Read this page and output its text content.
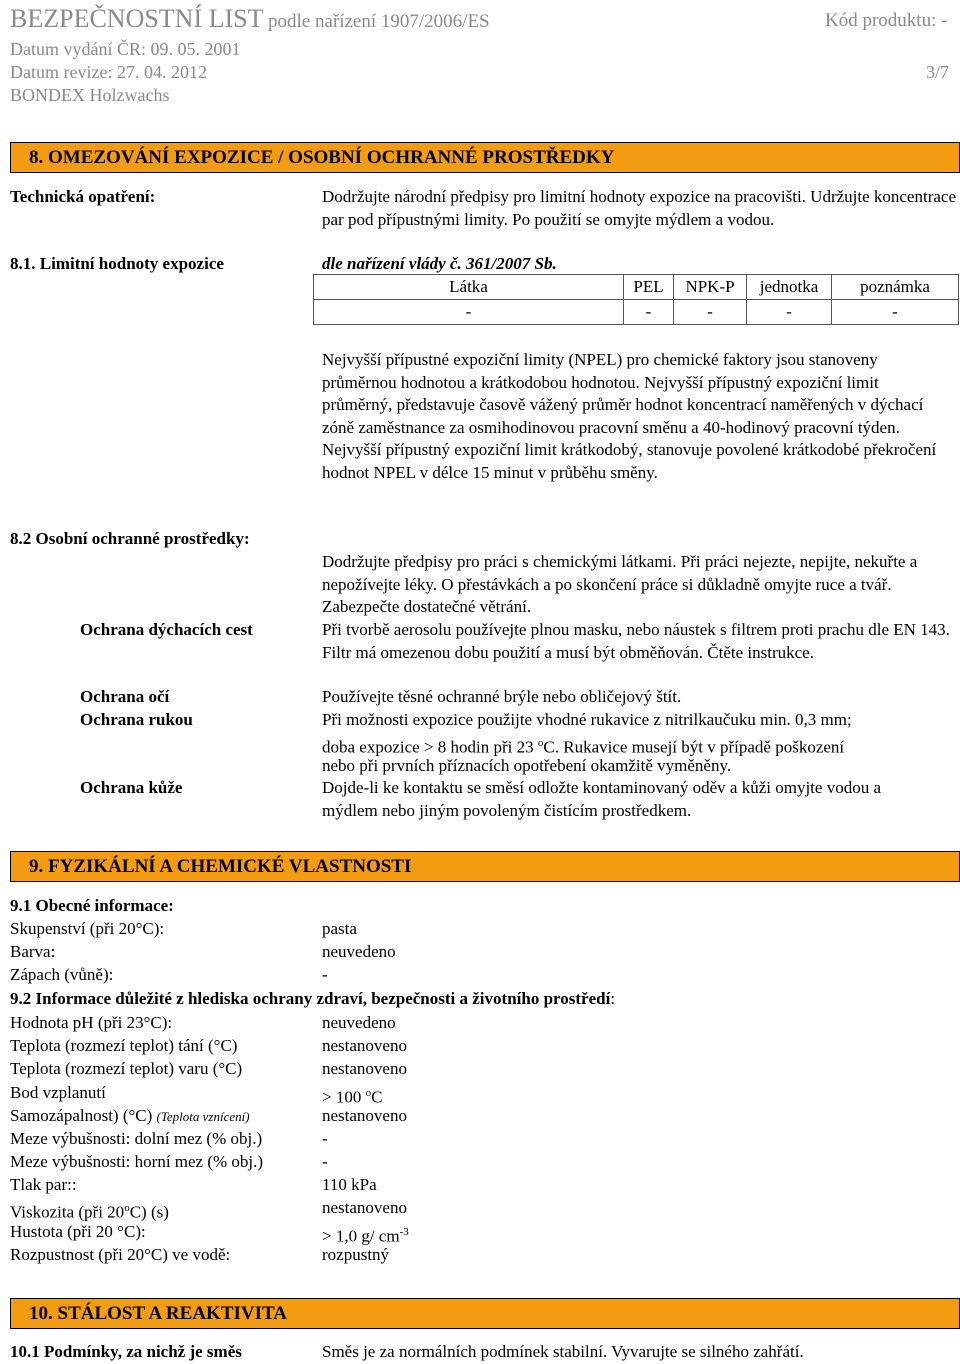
BEZPEČNOSTNÍ LIST podle nařízení 1907/2006/ES	Kód produktu: -
Datum vydání ČR: 09. 05. 2001
Datum revize: 27. 04. 2012	3/7
BONDEX Holzwachs
8. OMEZOVÁNÍ EXPOZICE / OSOBNÍ OCHRANNÉ PROSTŘEDKY
Technická opatření:	Dodržujte národní předpisy pro limitní hodnoty expozice na pracovišti. Udržujte koncentrace par pod přípustnými limity. Po použití se omyjte mýdlem a vodou.
8.1. Limitní hodnoty expozice	dle nařízení vlády č. 361/2007 Sb.
Látka	PEL	NPK-P	jednotka	poznámka
-	-	-	-	-
Nejvyšší přípustné expoziční limity (NPEL) pro chemické faktory jsou stanoveny průměrnou hodnotou a krátkodobou hodnotou. Nejvyšší přípustný expoziční limit průměrný, představuje časově vážený průměr hodnot koncentrací naměřených v dýchací zóně zaměstnance za osmihodinovou pracovní směnu a 40-hodinový pracovní týden. Nejvyšší přípustný expoziční limit krátkodobý, stanovuje povolené krátkodobé překročení hodnot NPEL v délce 15 minut v průběhu směny.
8.2 Osobní ochranné prostředky:
Dodržujte předpisy pro práci s chemickými látkami. Při práci nejezte, nepijte, nekuřte a nepožívejte léky. O přestávkách a po skončení práce si důkladně omyjte ruce a tvář. Zabezpečte dostatečné větrání.
Ochrana dýchacích cest	Při tvorbě aerosolu používejte plnou masku, nebo náustek s filtrem proti prachu dle EN 143. Filtr má omezenou dobu použití a musí být obměňován. Čtěte instrukce.
Ochrana očí	Používejte těsné ochranné brýle nebo obličejový štít.
Ochrana rukou	Při možnosti expozice použijte vhodné rukavice z nitrilkaučuku min. 0,3 mm;
doba expozice > 8 hodin při 23 $^o$C. Rukavice musejí být v případě poškození
nebo při prvních příznacích opotřebení okamžitě vyměněny.
Ochrana kůže	Dojde-li ke kontaktu se směsí odložte kontaminovaný oděv a kůži omyjte vodou a mýdlem nebo jiným povoleným čistícím prostředkem.
9. FYZIKÁLNÍ A CHEMICKÉ VLASTNOSTI
9.1 Obecné informace:
Skupenství (při 20°C):	pasta
Barva:	neuvedeno
Zápach (vůně):	-
9.2 Informace důležité z hlediska ochrany zdraví, bezpečnosti a životního prostředí:
Hodnota pH (při 23°C):	neuvedeno
Teplota (rozmezí teplot) tání (°C)	nestanoveno
Teplota (rozmezí teplot) varu (°C)	nestanoveno
Bod vzplanutí	> 100 $^o$C
Samozápalnost) (°C) (Teplota vznícení)	nestanoveno
Meze výbušnosti: dolní mez (% obj.)	-
Meze výbušnosti: horní mez (% obj.)	-
Tlak par::	110 kPa
Viskozita (při 20$^o$C) (s)	nestanoveno
Hustota (při 20 °C):	> 1,0 g/ $cm^{-3}$
Rozpustnost (při 20°C) ve vodě:	rozpustný
10. STÁLOST A REAKTIVITA
10.1 Podmínky, za nichž je směs	Směs je za normálních podmínek stabilní. Vyvarujte se silného zahřátí.
